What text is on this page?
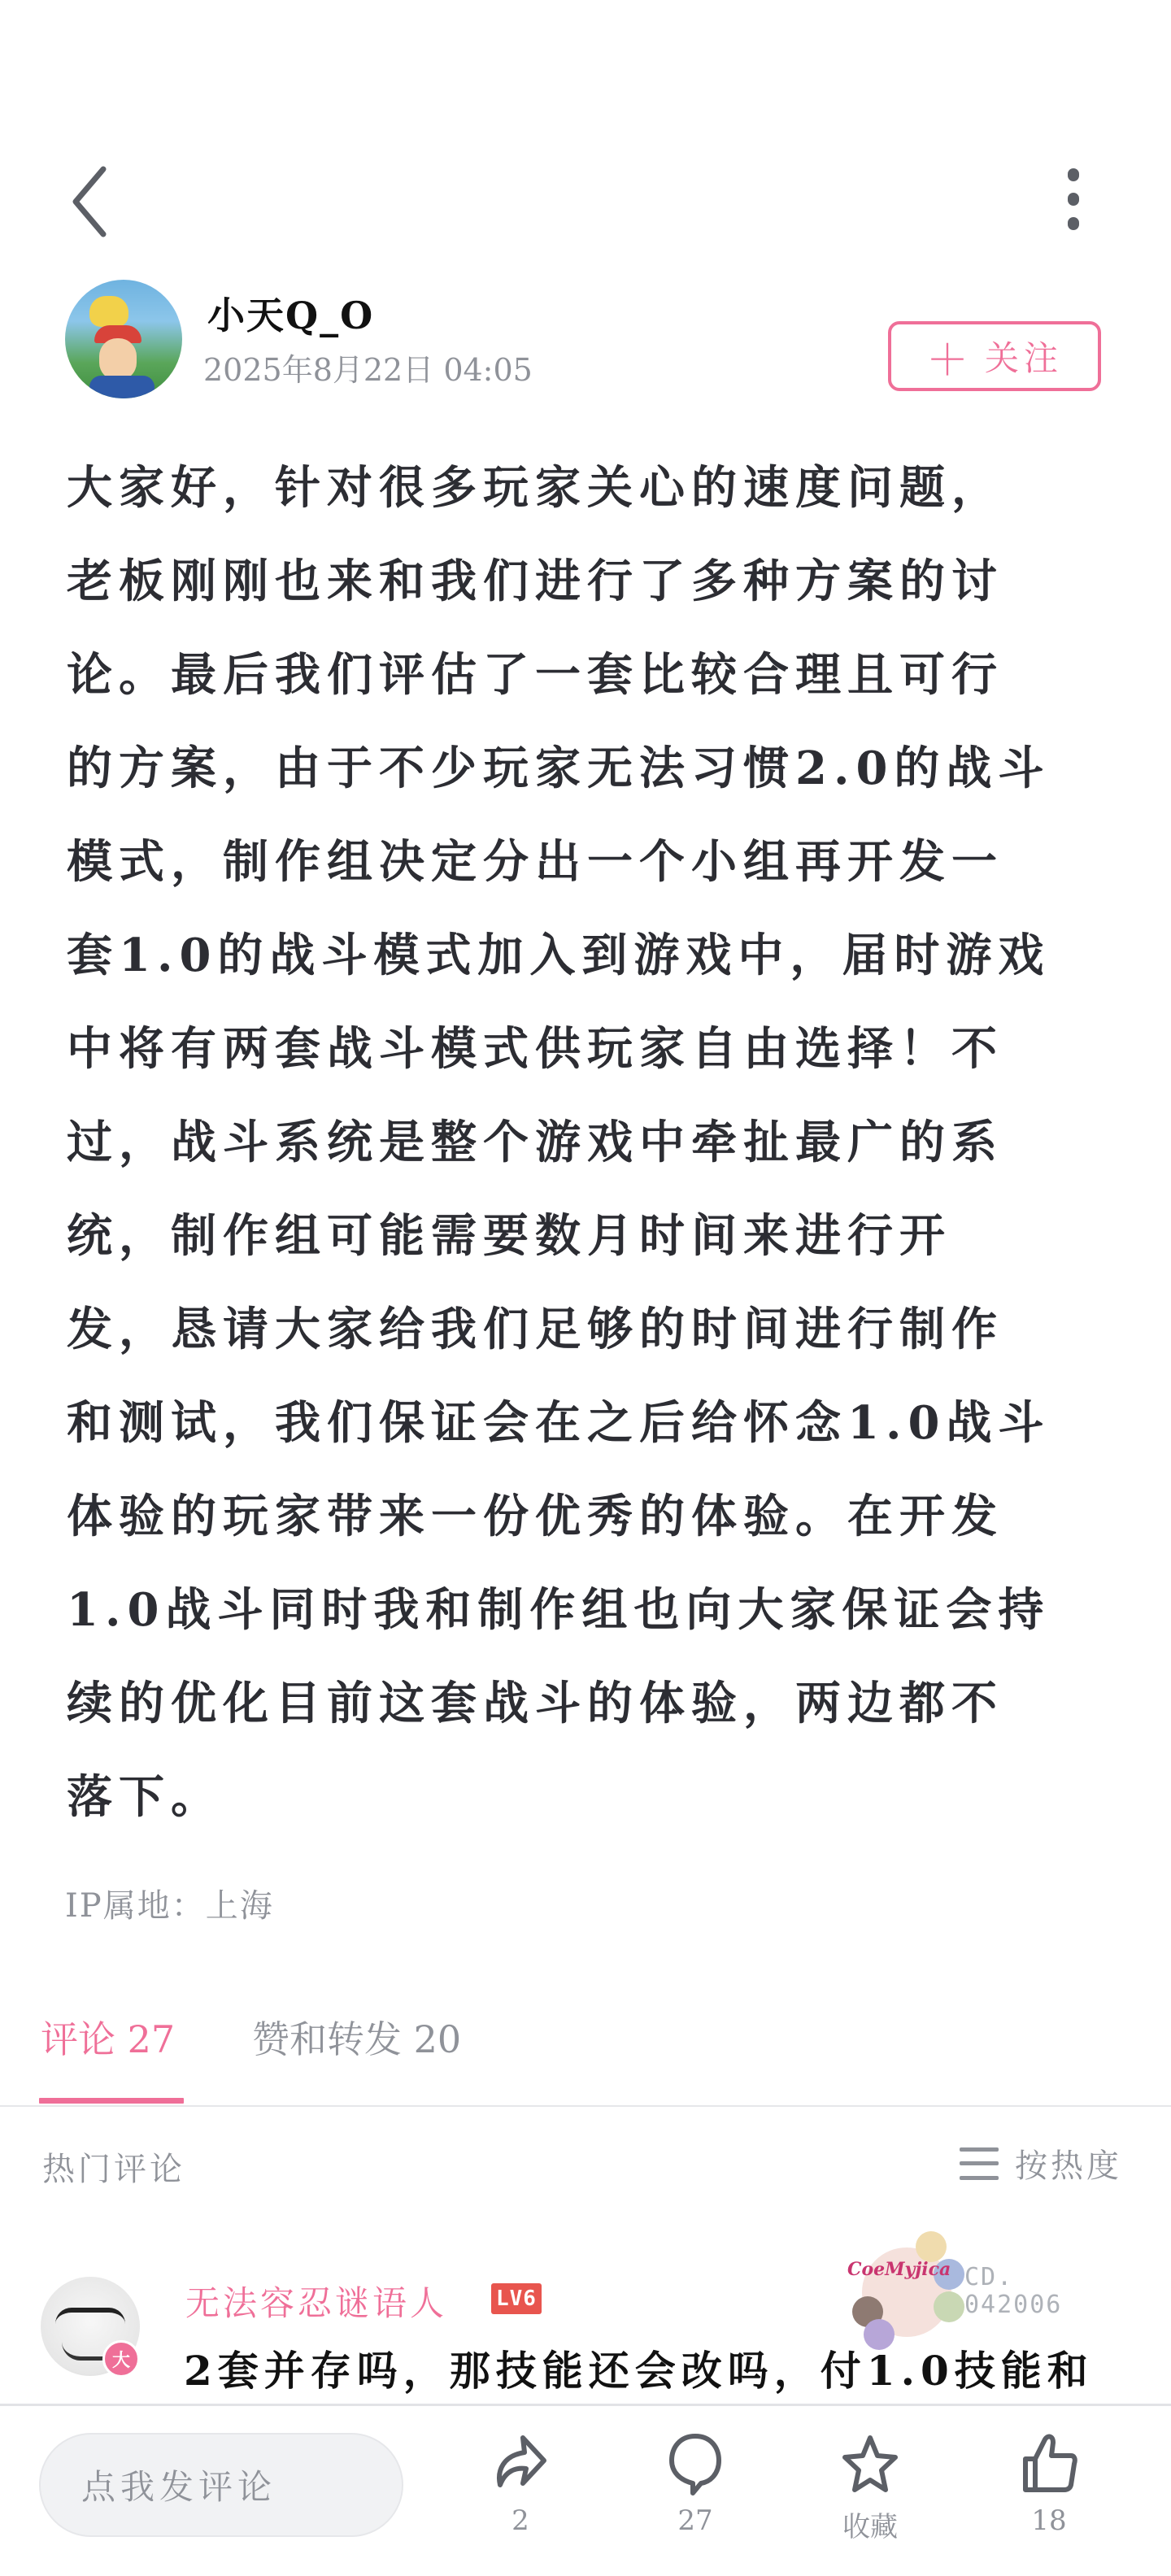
小天Q_O
2025年8月22日 04:05	＋ 关注
大家好，针对很多玩家关心的速度问题，
老板刚刚也来和我们进行了多种方案的讨
论。最后我们评估了一套比较合理且可行
的方案，由于不少玩家无法习惯2.0的战斗
模式，制作组决定分出一个小组再开发一
套1.0的战斗模式加入到游戏中，届时游戏
中将有两套战斗模式供玩家自由选择！不
过，战斗系统是整个游戏中牵扯最广的系
统，制作组可能需要数月时间来进行开
发，恳请大家给我们足够的时间进行制作
和测试，我们保证会在之后给怀念1.0战斗
体验的玩家带来一份优秀的体验。在开发
1.0战斗同时我和制作组也向大家保证会持
续的优化目前这套战斗的体验，两边都不
落下。
IP属地：上海
评论 27 赞和转发 20
热门评论	按热度
大
无法容忍谜语人 LV6
CoeMyjica CD.
042006
2套并存吗，那技能还会改吗，付1.0技能和
点我发评论
2	27	收藏	18
